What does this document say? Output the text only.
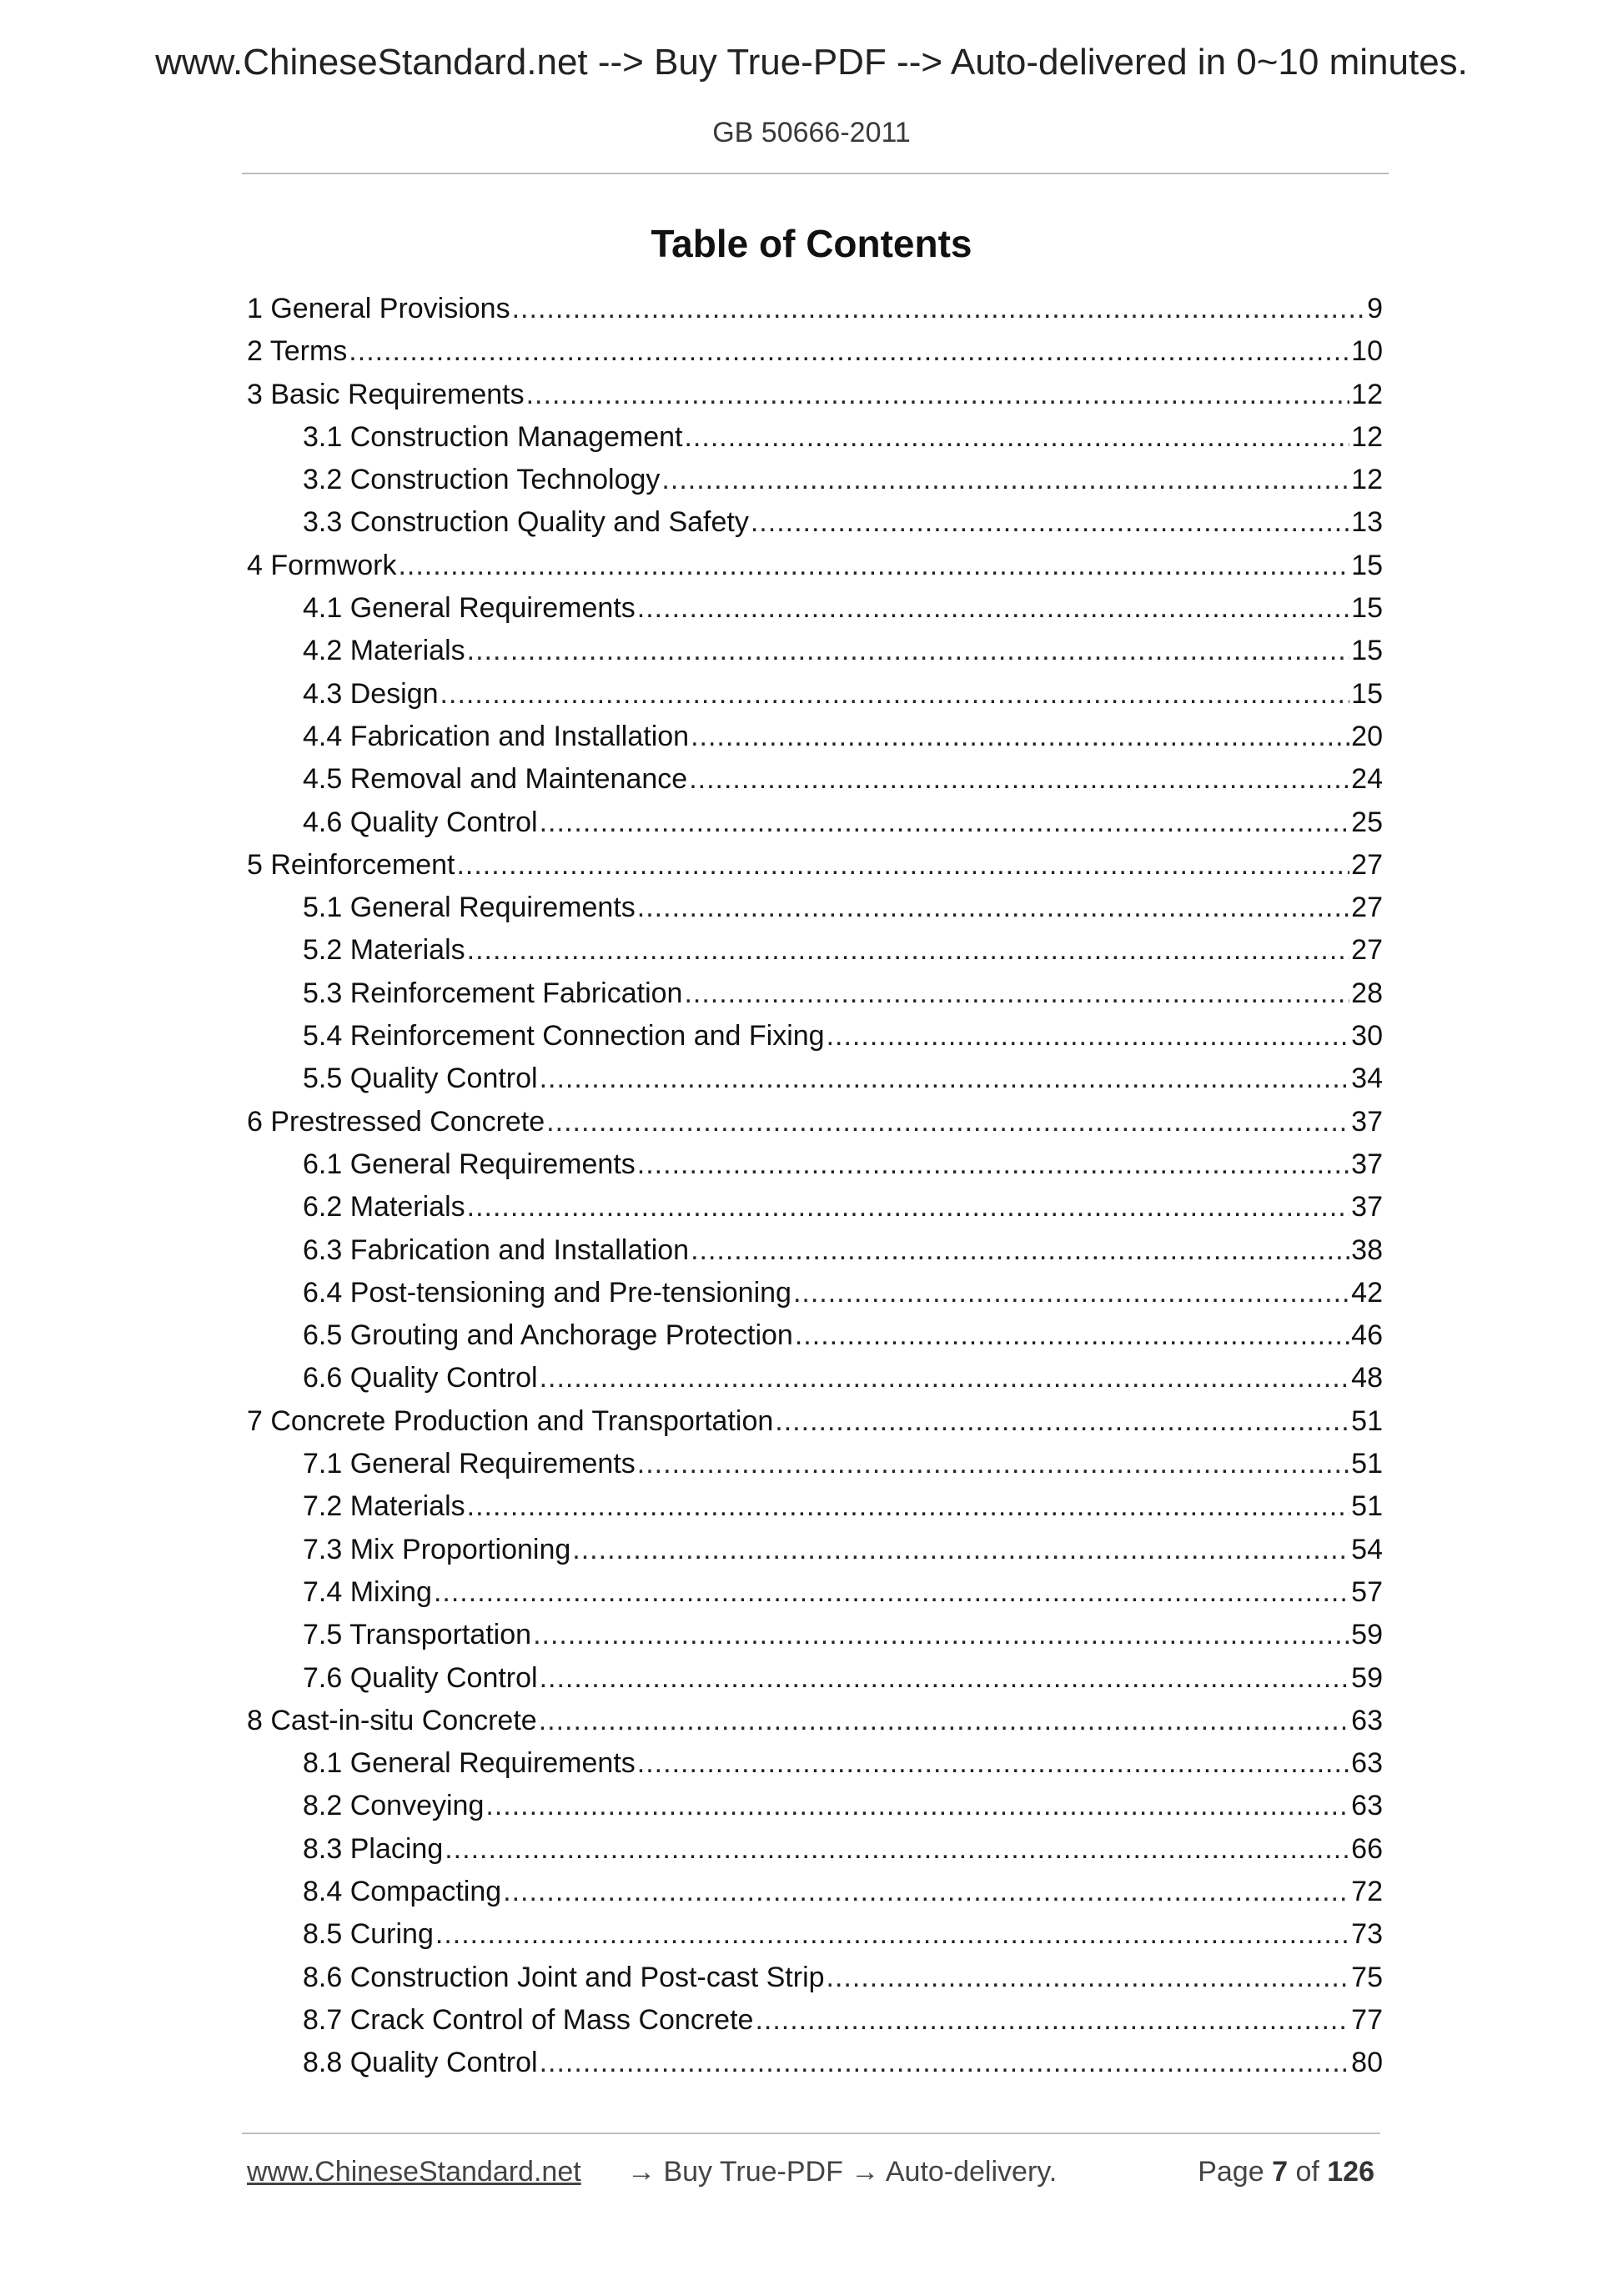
www.ChineseStandard.net --> Buy True-PDF --> Auto-delivered in 0~10 minutes.
GB 50666-2011
Table of Contents
1 General Provisions .....	9
2 Terms .....	10
3 Basic Requirements .....	12
3.1 Construction Management .....	12
3.2 Construction Technology .....	12
3.3 Construction Quality and Safety .....	13
4 Formwork .....	15
4.1 General Requirements .....	15
4.2 Materials .....	15
4.3 Design .....	15
4.4 Fabrication and Installation .....	20
4.5 Removal and Maintenance .....	24
4.6 Quality Control .....	25
5 Reinforcement .....	27
5.1 General Requirements .....	27
5.2 Materials .....	27
5.3 Reinforcement Fabrication .....	28
5.4 Reinforcement Connection and Fixing .....	30
5.5 Quality Control .....	34
6 Prestressed Concrete .....	37
6.1 General Requirements .....	37
6.2 Materials .....	37
6.3 Fabrication and Installation .....	38
6.4 Post-tensioning and Pre-tensioning .....	42
6.5 Grouting and Anchorage Protection .....	46
6.6 Quality Control .....	48
7 Concrete Production and Transportation .....	51
7.1 General Requirements .....	51
7.2 Materials .....	51
7.3 Mix Proportioning .....	54
7.4 Mixing .....	57
7.5 Transportation .....	59
7.6 Quality Control .....	59
8 Cast-in-situ Concrete .....	63
8.1 General Requirements .....	63
8.2 Conveying .....	63
8.3 Placing .....	66
8.4 Compacting .....	72
8.5 Curing .....	73
8.6 Construction Joint and Post-cast Strip .....	75
8.7 Crack Control of Mass Concrete .....	77
8.8 Quality Control .....	80
www.ChineseStandard.net → Buy True-PDF → Auto-delivery.	Page 7 of 126
